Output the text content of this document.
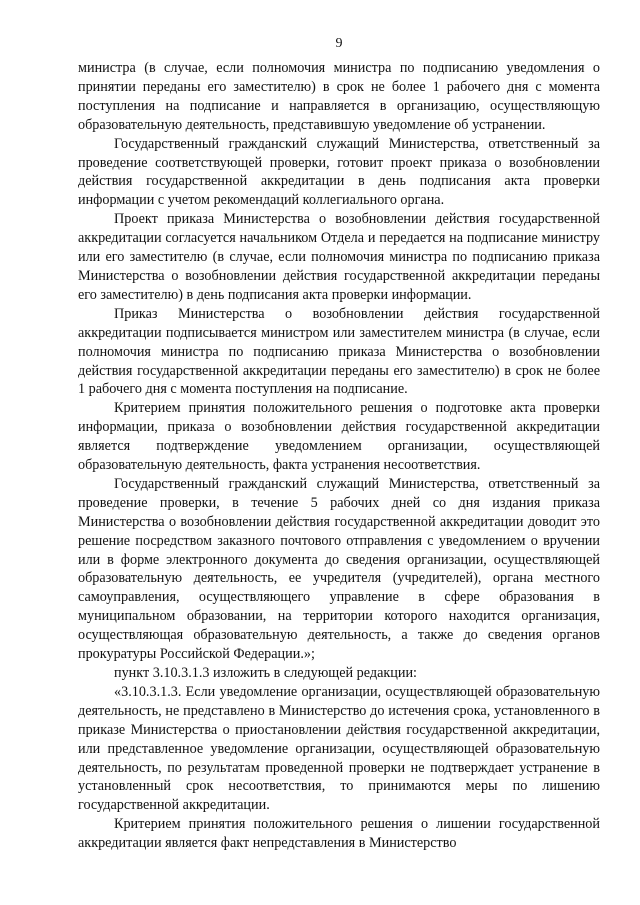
9

министра (в случае, если полномочия министра по подписанию уведомления о принятии переданы его заместителю) в срок не более 1 рабочего дня с момента поступления на подписание и направляется в организацию, осуществляющую образовательную деятельность, представившую уведомление об устранении.

Государственный гражданский служащий Министерства, ответственный за проведение соответствующей проверки, готовит проект приказа о возобновлении действия государственной аккредитации в день подписания акта проверки информации с учетом рекомендаций коллегиального органа.

Проект приказа Министерства о возобновлении действия государственной аккредитации согласуется начальником Отдела и передается на подписание министру или его заместителю (в случае, если полномочия министра по подписанию приказа Министерства о возобновлении действия государственной аккредитации переданы его заместителю) в день подписания акта проверки информации.

Приказ Министерства о возобновлении действия государственной аккредитации подписывается министром или заместителем министра (в случае, если полномочия министра по подписанию приказа Министерства о возобновлении действия государственной аккредитации переданы его заместителю) в срок не более 1 рабочего дня с момента поступления на подписание.

Критерием принятия положительного решения о подготовке акта проверки информации, приказа о возобновлении действия государственной аккредитации является подтверждение уведомлением организации, осуществляющей образовательную деятельность, факта устранения несоответствия.

Государственный гражданский служащий Министерства, ответственный за проведение проверки, в течение 5 рабочих дней со дня издания приказа Министерства о возобновлении действия государственной аккредитации доводит это решение посредством заказного почтового отправления с уведомлением о вручении или в форме электронного документа до сведения организации, осуществляющей образовательную деятельность, ее учредителя (учредителей), органа местного самоуправления, осуществляющего управление в сфере образования в муниципальном образовании, на территории которого находится организация, осуществляющая образовательную деятельность, а также до сведения органов прокуратуры Российской Федерации.»;

пункт 3.10.3.1.3 изложить в следующей редакции:

«3.10.3.1.3. Если уведомление организации, осуществляющей образовательную деятельность, не представлено в Министерство до истечения срока, установленного в приказе Министерства о приостановлении действия государственной аккредитации, или представленное уведомление организации, осуществляющей образовательную деятельность, по результатам проведенной проверки не подтверждает устранение в установленный срок несоответствия, то принимаются меры по лишению государственной аккредитации.

Критерием принятия положительного решения о лишении государственной аккредитации является факт непредставления в Министерство
